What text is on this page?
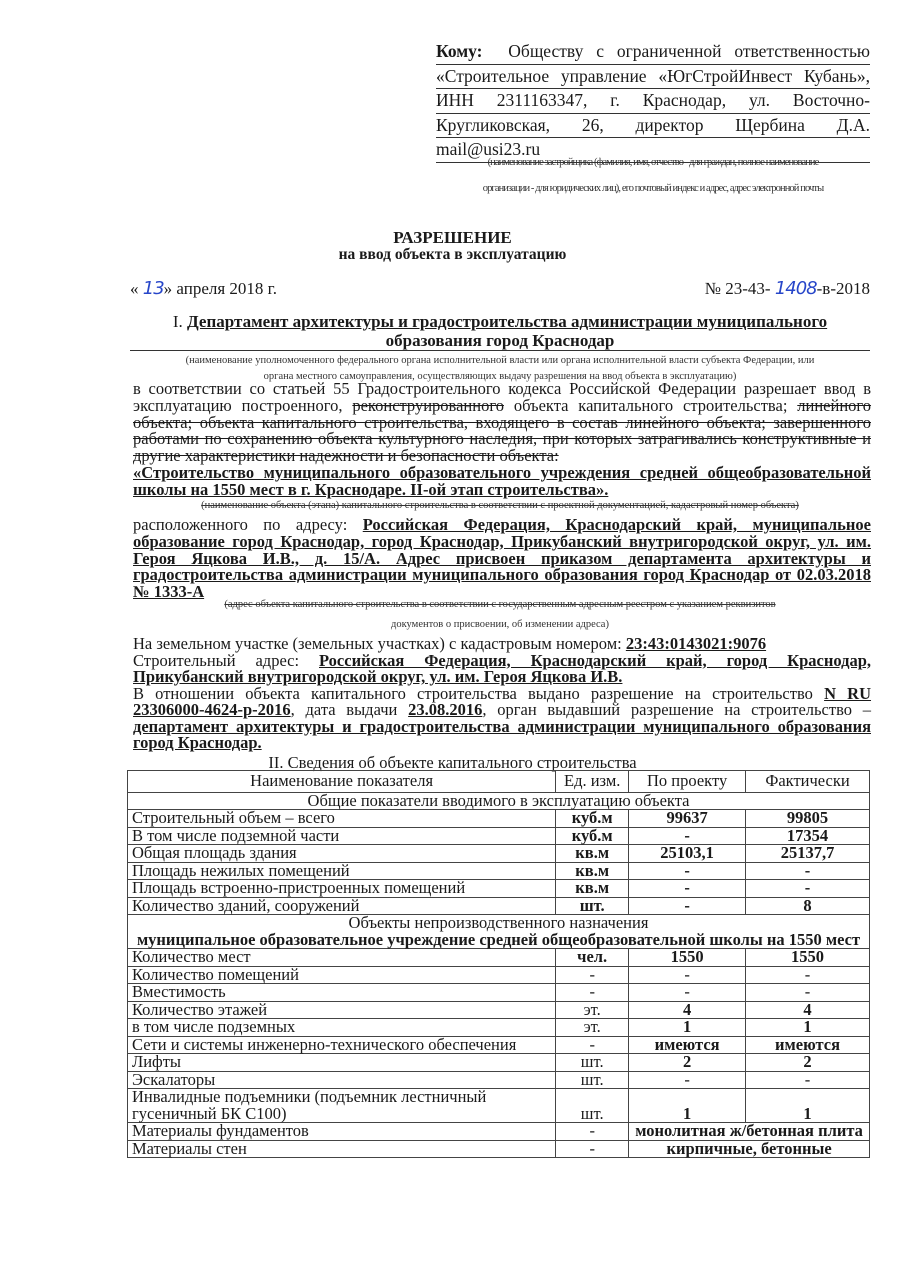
Кому: Обществу с ограниченной ответственностью
«Строительное управление «ЮгСтройИнвест Кубань»,
ИНН 2311163347, г. Краснодар, ул. Восточно-
Кругликовская, 26, директор Щербина Д.А.
mail@usi23.ru
(наименование застройщика (фамилия, имя, отчество - для граждан, полное наименование
организации - для юридических лиц), его почтовый индекс и адрес, адрес электронной почты
РАЗРЕШЕНИЕ
на ввод объекта в эксплуатацию
« 13» апреля 2018 г.	№ 23-43- 1408-в-2018
I. Департамент архитектуры и градостроительства администрации муниципального
образования город Краснодар
(наименование уполномоченного федерального органа исполнительной власти или органа исполнительной власти субъекта Федерации, или
органа местного самоуправления, осуществляющих выдачу разрешения на ввод объекта в эксплуатацию)
в соответствии со статьей 55 Градостроительного кодекса Российской Федерации разрешает ввод в эксплуатацию построенного, реконструированного объекта капитального строительства; линейного объекта; объекта капитального строительства, входящего в состав линейного объекта; завершенного работами по сохранению объекта культурного наследия, при которых затрагивались конструктивные и другие характеристики надежности и безопасности объекта:
«Строительство муниципального образовательного учреждения средней общеобразовательной школы на 1550 мест в г. Краснодаре. II-ой этап строительства».
(наименование объекта (этапа) капитального строительства в соответствии с проектной документацией, кадастровый номер объекта)
расположенного по адресу: Российская Федерация, Краснодарский край, муниципальное образование город Краснодар, город Краснодар, Прикубанский внутригородской округ, ул. им. Героя Яцкова И.В., д. 15/А. Адрес присвоен приказом департамента архитектуры и градостроительства администрации муниципального образования город Краснодар от 02.03.2018 № 1333-А
(адрес объекта капитального строительства в соответствии с государственным адресным реестром с указанием реквизитов
документов о присвоении, об изменении адреса)
На земельном участке (земельных участках) с кадастровым номером: 23:43:0143021:9076
Строительный адрес: Российская Федерация, Краснодарский край, город Краснодар, Прикубанский внутригородской округ, ул. им. Героя Яцкова И.В.
В отношении объекта капитального строительства выдано разрешение на строительство N RU 23306000-4624-р-2016, дата выдачи 23.08.2016, орган выдавший разрешение на строительство – департамент архитектуры и градостроительства администрации муниципального образования город Краснодар.
II. Сведения об объекте капитального строительства
Наименование показателя	Ед. изм.	По проекту	Фактически
Общие показатели вводимого в эксплуатацию объекта			
Строительный объем – всего	куб.м	99637	99805
В том числе подземной части	куб.м	-	17354
Общая площадь здания	кв.м	25103,1	25137,7
Площадь нежилых помещений	кв.м	-	-
Площадь встроенно-пристроенных помещений	кв.м	-	-
Количество зданий, сооружений	шт.	-	8
Объекты непроизводственного назначения
муниципальное образовательное учреждение средней общеобразовательной школы на 1550 мест			

Количество мест	чел.	1550	1550
Количество помещений	-	-	-
Вместимость	-	-	-
Количество этажей	эт.	4	4
в том числе подземных	эт.	1	1
Сети и системы инженерно-технического обеспечения	-	имеются	имеются
Лифты	шт.	2	2
Эскалаторы	шт.	-	-
Инвалидные подъемники (подъемник лестничный гусеничный БК С100)	шт.	1	1
Материалы фундаментов	-	монолитная ж/бетонная плита	
Материалы стен	-	кирпичные, бетонные	
